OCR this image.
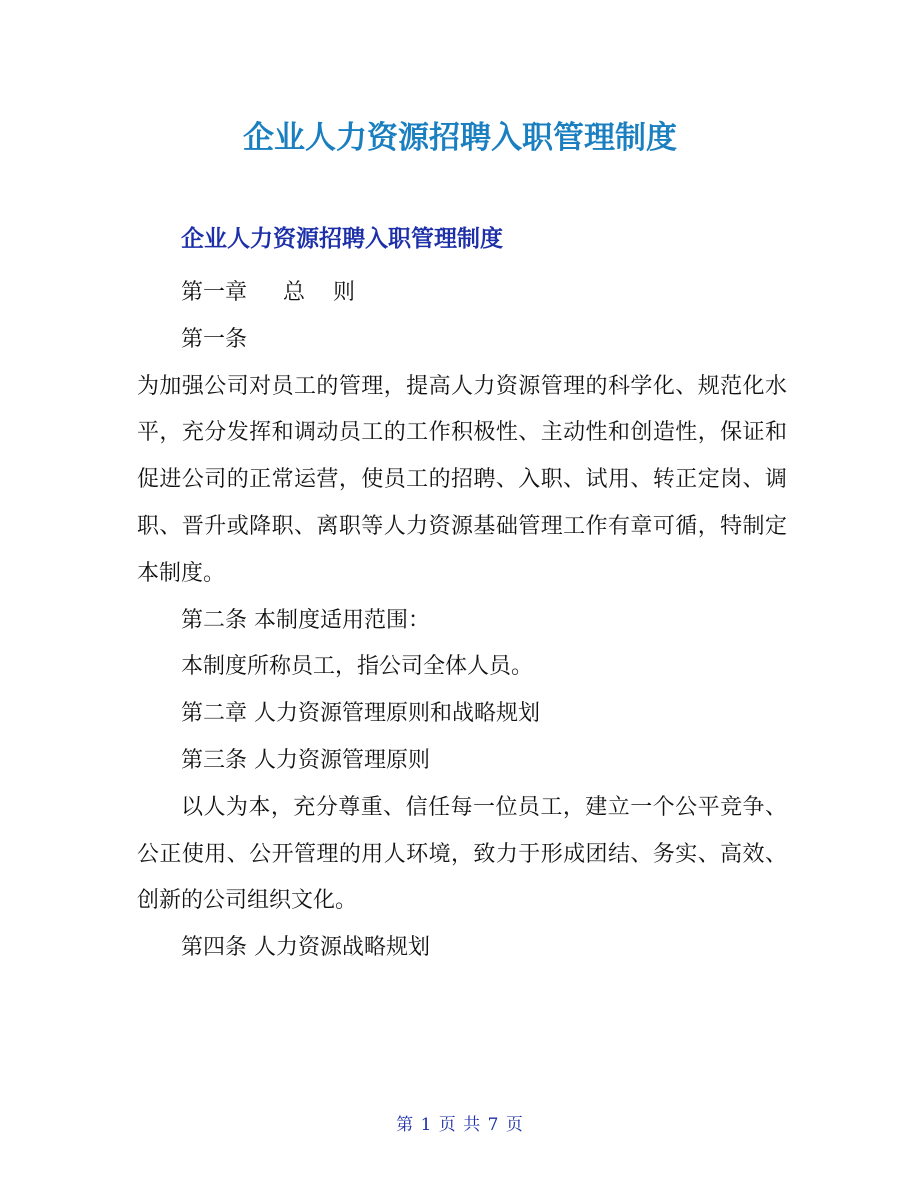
企业人力资源招聘入职管理制度
企业人力资源招聘入职管理制度

第一章 总 则

第一条

为加强公司对员工的管理，提高人力资源管理的科学化、规范化水平，充分发挥和调动员工的工作积极性、主动性和创造性，保证和促进公司的正常运营，使员工的招聘、入职、试用、转正定岗、调职、晋升或降职、离职等人力资源基础管理工作有章可循，特制定本制度。

第二条 本制度适用范围：

本制度所称员工，指公司全体人员。

第二章 人力资源管理原则和战略规划

第三条 人力资源管理原则

以人为本，充分尊重、信任每一位员工，建立一个公平竞争、公正使用、公开管理的用人环境，致力于形成团结、务实、高效、创新的公司组织文化。

第四条 人力资源战略规划

第 1 页 共 7 页
